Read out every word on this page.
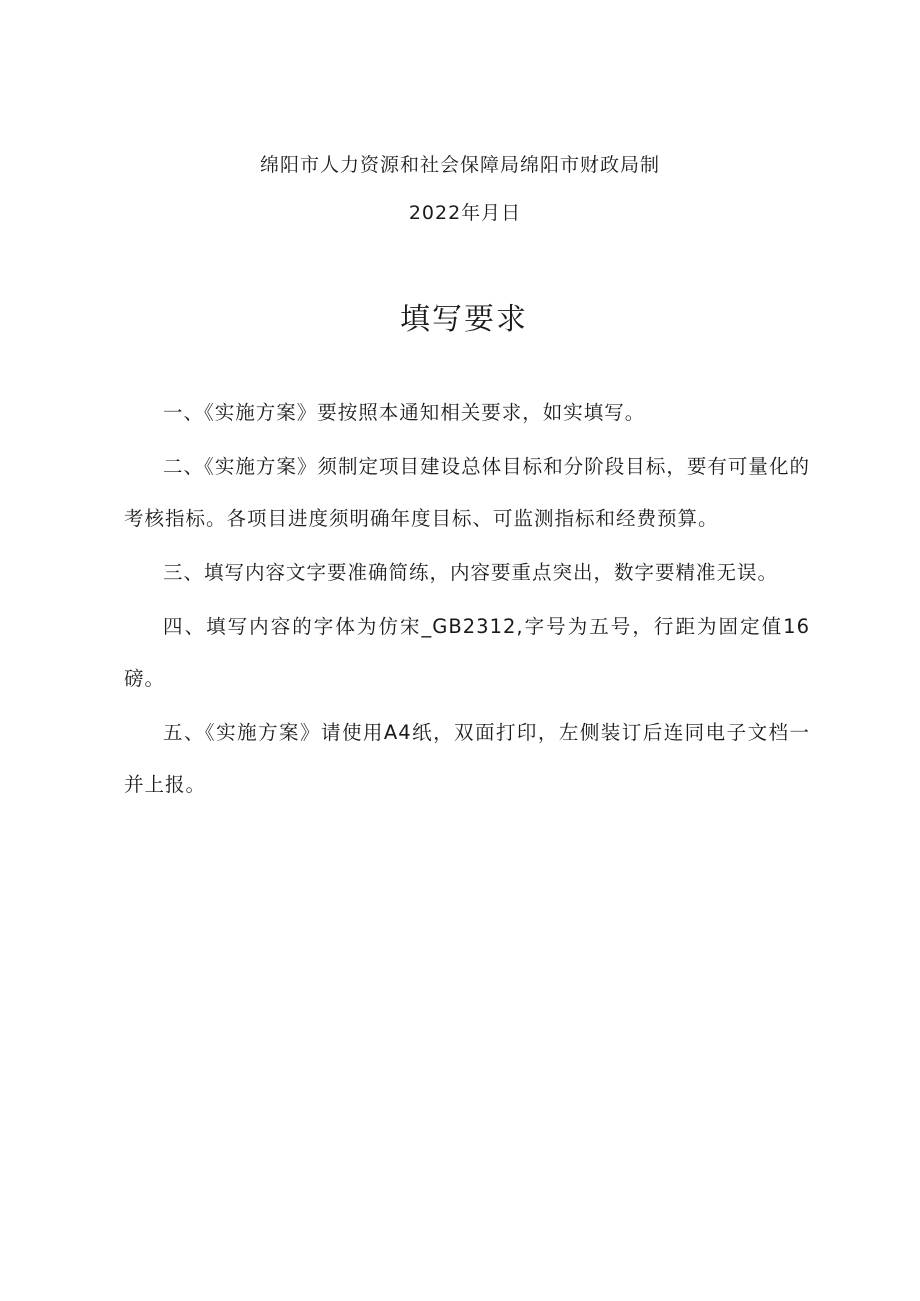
绵阳市人力资源和社会保障局绵阳市财政局制
2022年月日
填写要求

一、《实施方案》要按照本通知相关要求，如实填写。

二、《实施方案》须制定项目建设总体目标和分阶段目标，要有可量化的考核指标。各项目进度须明确年度目标、可监测指标和经费预算。

三、填写内容文字要准确简练，内容要重点突出，数字要精准无误。

四、填写内容的字体为仿宋_GB2312,字号为五号，行距为固定值16磅。

五、《实施方案》请使用A4纸，双面打印，左侧装订后连同电子文档一并上报。
